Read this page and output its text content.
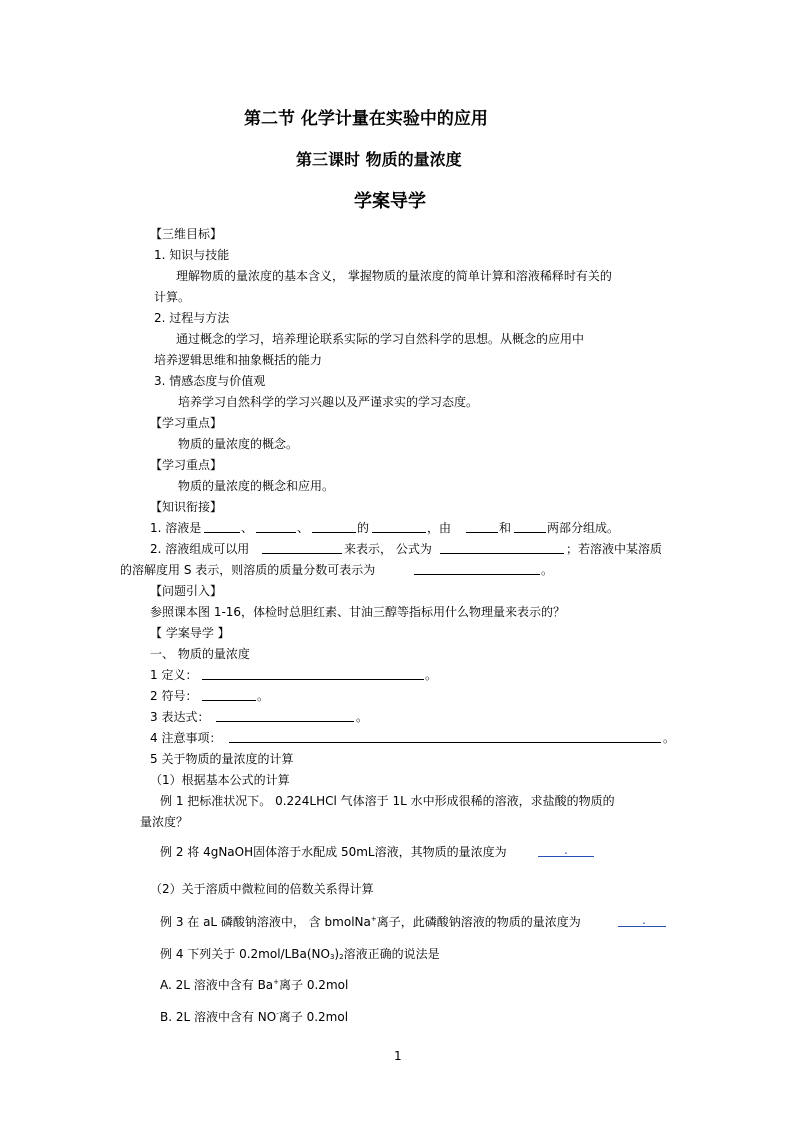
第二节 化学计量在实验中的应用
第三课时 物质的量浓度
学案导学
【三维目标】
1. 知识与技能
理解物质的量浓度的基本含义， 掌握物质的量浓度的简单计算和溶液稀释时有关的
计算。
2. 过程与方法
通过概念的学习，培养理论联系实际的学习自然科学的思想。从概念的应用中
培养逻辑思维和抽象概括的能力
3. 情感态度与价值观
培养学习自然科学的学习兴趣以及严谨求实的学习态度。
【学习重点】
物质的量浓度的概念。
【学习重点】
物质的量浓度的概念和应用。
【知识衔接】
1. 溶液是	、	、	的	，由	和	两部分组成。
2. 溶液组成可以用	来表示， 公式为	；若溶液中某溶质
的溶解度用 S 表示，则溶质的质量分数可表示为	。
【问题引入】
参照课本图 1-16，体检时总胆红素、甘油三醇等指标用什么物理量来表示的？
【 学案导学 】
一、 物质的量浓度
1 定义：	。
2 符号：	。
3 表达式：	。
4 注意事项：	。
5 关于物质的量浓度的计算
（1）根据基本公式的计算
例 1 把标准状况下。 0.224LHCl 气体溶于 1L 水中形成很稀的溶液，求盐酸的物质的
量浓度？
例 2 将 4gNaOH固体溶于水配成 50mL溶液，其物质的量浓度为	.
（2）关于溶质中微粒间的倍数关系得计算
例 3 在 aL 磷酸钠溶液中， 含 bmolNa+离子，此磷酸钠溶液的物质的量浓度为	.
例 4 下列关于 $0.2mol/LBa(NO_3)_2$溶液正确的说法是
A. 2L 溶液中含有 Ba+离子 0.2mol
B. 2L 溶液中含有 NO-离子 0.2mol
1
